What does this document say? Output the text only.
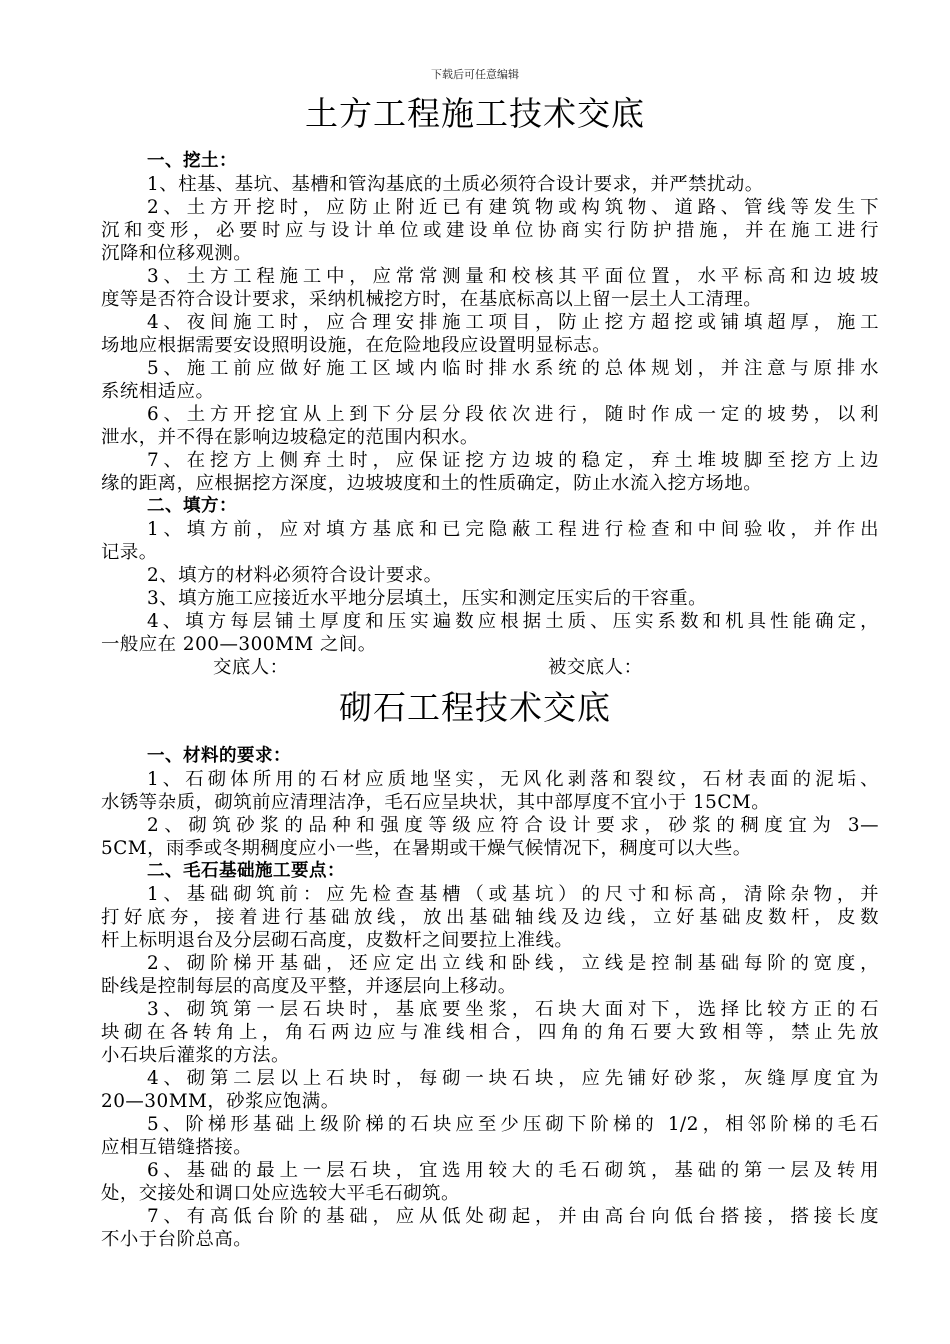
下载后可任意编辑
土方工程施工技术交底
一、挖土：
1、柱基、基坑、基槽和管沟基底的土质必须符合设计要求，并严禁扰动。
2、土方开挖时，应防止附近已有建筑物或构筑物、道路、管线等发生下
沉和变形，必要时应与设计单位或建设单位协商实行防护措施，并在施工进行
沉降和位移观测。
3、土方工程施工中，应常常测量和校核其平面位置，水平标高和边坡坡
度等是否符合设计要求，采纳机械挖方时，在基底标高以上留一层土人工清理。
4、夜间施工时，应合理安排施工项目，防止挖方超挖或铺填超厚，施工
场地应根据需要安设照明设施，在危险地段应设置明显标志。
5、施工前应做好施工区域内临时排水系统的总体规划，并注意与原排水
系统相适应。
6、土方开挖宜从上到下分层分段依次进行，随时作成一定的坡势，以利
泄水，并不得在影响边坡稳定的范围内积水。
7、在挖方上侧弃土时，应保证挖方边坡的稳定，弃土堆坡脚至挖方上边
缘的距离，应根据挖方深度，边坡坡度和土的性质确定，防止水流入挖方场地。
二、填方：
1、填方前，应对填方基底和已完隐蔽工程进行检查和中间验收，并作出
记录。
2、填方的材料必须符合设计要求。
3、填方施工应接近水平地分层填土，压实和测定压实后的干容重。
4、填方每层铺土厚度和压实遍数应根据土质、压实系数和机具性能确定，
一般应在 200—300MM 之间。
交底人：	被交底人：
砌石工程技术交底
一、材料的要求：
1、石砌体所用的石材应质地坚实，无风化剥落和裂纹，石材表面的泥垢、
水锈等杂质，砌筑前应清理洁净，毛石应呈块状，其中部厚度不宜小于 15CM。
2、砌筑砂浆的品种和强度等级应符合设计要求，砂浆的稠度宜为 3—
5CM，雨季或冬期稠度应小一些，在暑期或干燥气候情况下，稠度可以大些。
二、毛石基础施工要点：
1、基础砌筑前：应先检查基槽（或基坑）的尺寸和标高，清除杂物，并
打好底夯，接着进行基础放线，放出基础轴线及边线，立好基础皮数杆，皮数
杆上标明退台及分层砌石高度，皮数杆之间要拉上准线。
2、砌阶梯开基础，还应定出立线和卧线，立线是控制基础每阶的宽度，
卧线是控制每层的高度及平整，并逐层向上移动。
3、砌筑第一层石块时，基底要坐浆，石块大面对下，选择比较方正的石
块砌在各转角上，角石两边应与准线相合，四角的角石要大致相等，禁止先放
小石块后灌浆的方法。
4、砌第二层以上石块时，每砌一块石块，应先铺好砂浆，灰缝厚度宜为
20—30MM，砂浆应饱满。
5、阶梯形基础上级阶梯的石块应至少压砌下阶梯的 1/2，相邻阶梯的毛石
应相互错缝搭接。
6、基础的最上一层石块，宜选用较大的毛石砌筑，基础的第一层及转用
处，交接处和调口处应选较大平毛石砌筑。
7、有高低台阶的基础，应从低处砌起，并由高台向低台搭接，搭接长度
不小于台阶总高。
